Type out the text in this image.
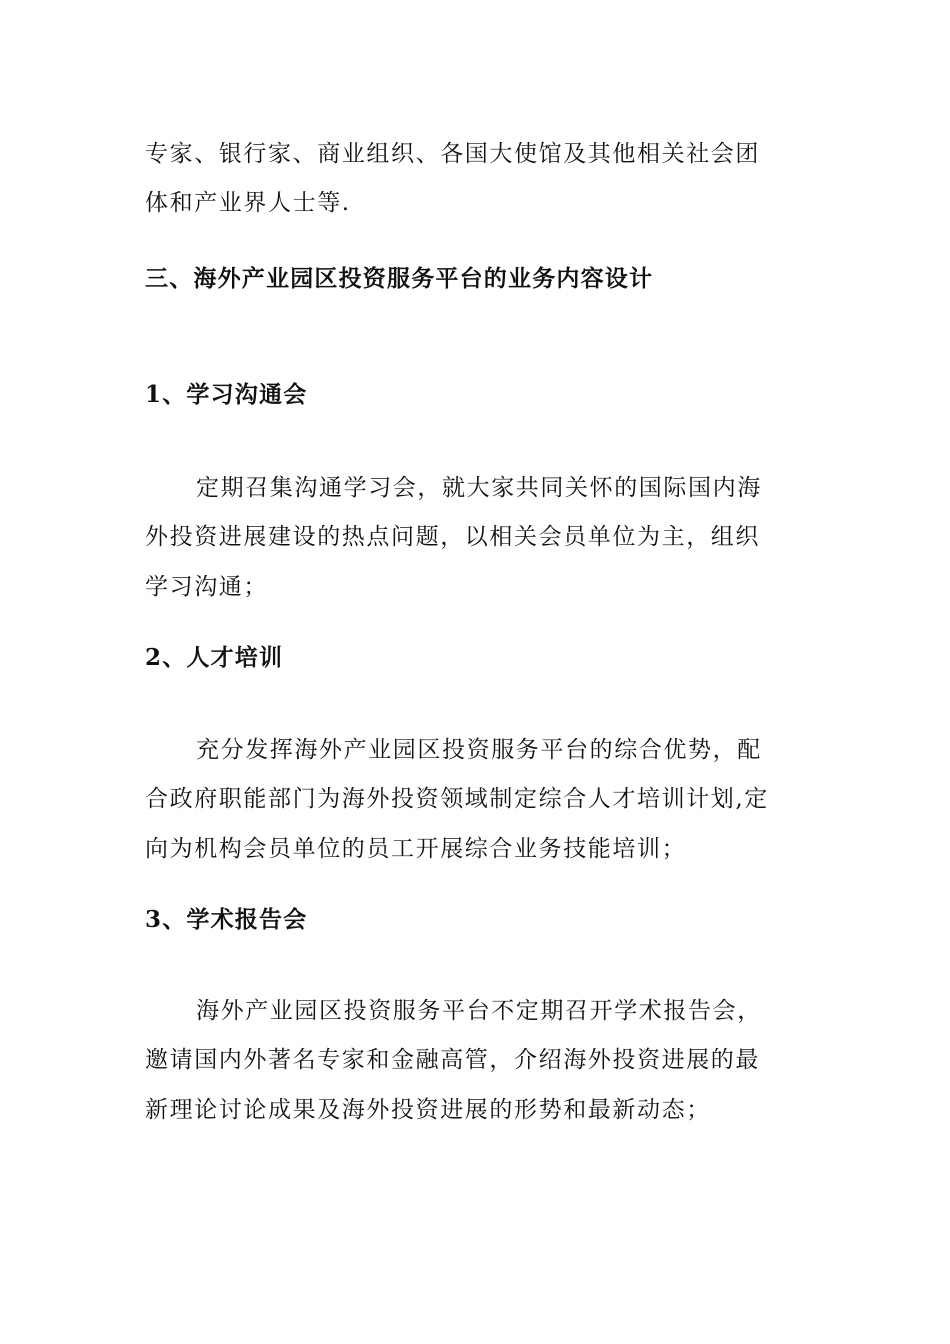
专家、银行家、商业组织、各国大使馆及其他相关社会团
体和产业界人士等.
三、海外产业园区投资服务平台的业务内容设计
1、学习沟通会
定期召集沟通学习会，就大家共同关怀的国际国内海
外投资进展建设的热点问题，以相关会员单位为主，组织
学习沟通；
2、人才培训
充分发挥海外产业园区投资服务平台的综合优势，配
合政府职能部门为海外投资领域制定综合人才培训计划,定
向为机构会员单位的员工开展综合业务技能培训；
3、学术报告会
海外产业园区投资服务平台不定期召开学术报告会，
邀请国内外著名专家和金融高管，介绍海外投资进展的最
新理论讨论成果及海外投资进展的形势和最新动态；
